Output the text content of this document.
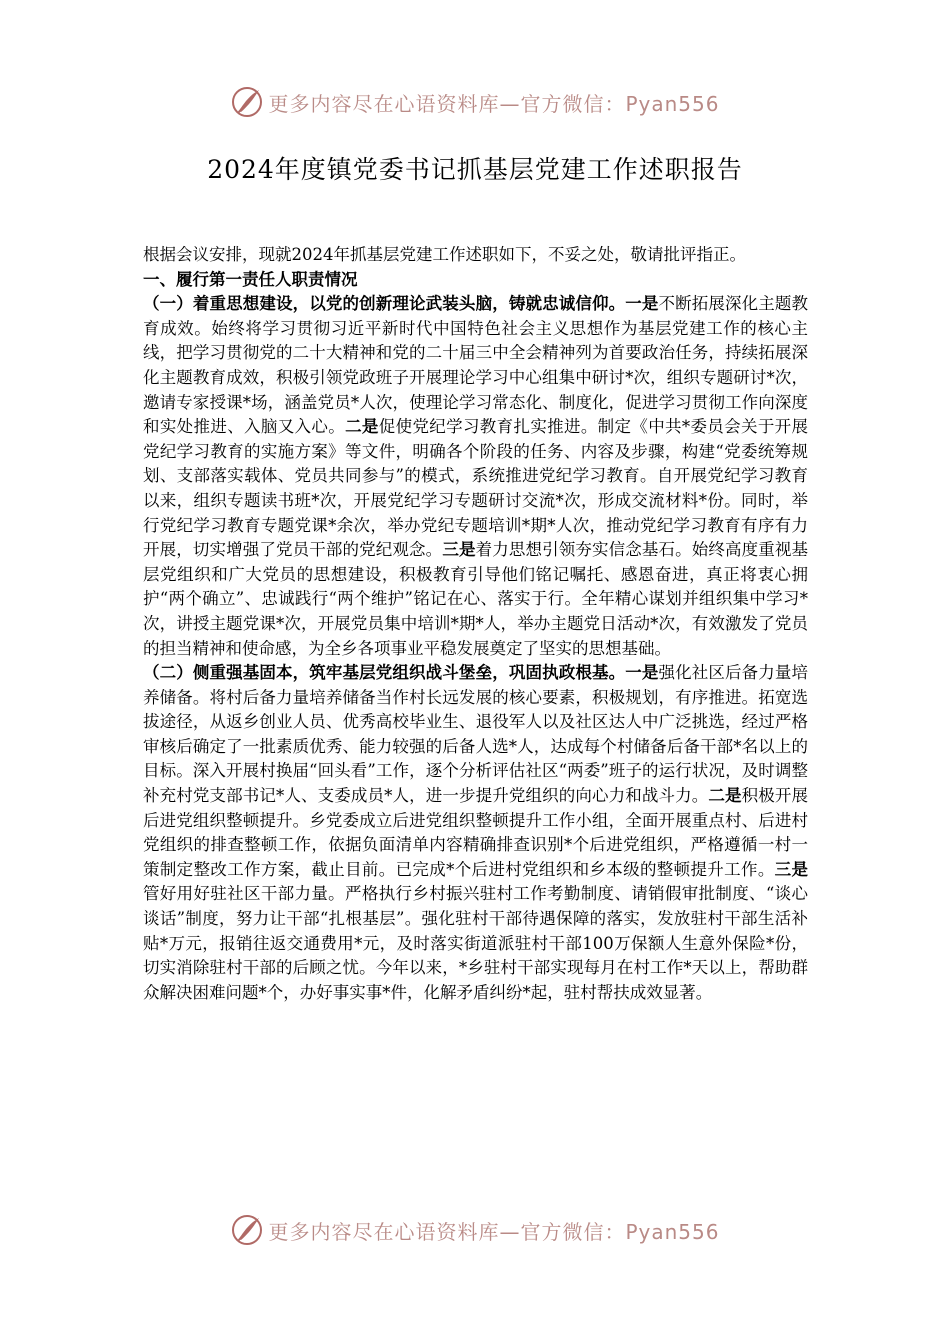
更多内容尽在心语资料库—官方微信：Pyan556
2024年度镇党委书记抓基层党建工作述职报告

根据会议安排，现就2024年抓基层党建工作述职如下，不妥之处，敬请批评指正。

一、履行第一责任人职责情况

（一）着重思想建设，以党的创新理论武装头脑，铸就忠诚信仰。一是不断拓展深化主题教育成效。始终将学习贯彻习近平新时代中国特色社会主义思想作为基层党建工作的核心主线，把学习贯彻党的二十大精神和党的二十届三中全会精神列为首要政治任务，持续拓展深化主题教育成效，积极引领党政班子开展理论学习中心组集中研讨*次，组织专题研讨*次，邀请专家授课*场，涵盖党员*人次，使理论学习常态化、制度化，促进学习贯彻工作向深度和实处推进、入脑又入心。二是促使党纪学习教育扎实推进。制定《中共*委员会关于开展党纪学习教育的实施方案》等文件，明确各个阶段的任务、内容及步骤，构建“党委统筹规划、支部落实载体、党员共同参与”的模式，系统推进党纪学习教育。自开展党纪学习教育以来，组织专题读书班*次，开展党纪学习专题研讨交流*次，形成交流材料*份。同时，举行党纪学习教育专题党课*余次，举办党纪专题培训*期*人次，推动党纪学习教育有序有力开展，切实增强了党员干部的党纪观念。三是着力思想引领夯实信念基石。始终高度重视基层党组织和广大党员的思想建设，积极教育引导他们铭记嘱托、感恩奋进，真正将衷心拥护“两个确立”、忠诚践行“两个维护”铭记在心、落实于行。全年精心谋划并组织集中学习*次，讲授主题党课*次，开展党员集中培训*期*人，举办主题党日活动*次，有效激发了党员的担当精神和使命感，为全乡各项事业平稳发展奠定了坚实的思想基础。

（二）侧重强基固本，筑牢基层党组织战斗堡垒，巩固执政根基。一是强化社区后备力量培养储备。将村后备力量培养储备当作村长远发展的核心要素，积极规划，有序推进。拓宽选拔途径，从返乡创业人员、优秀高校毕业生、退役军人以及社区达人中广泛挑选，经过严格审核后确定了一批素质优秀、能力较强的后备人选*人，达成每个村储备后备干部*名以上的目标。深入开展村换届“回头看”工作，逐个分析评估社区“两委”班子的运行状况，及时调整补充村党支部书记*人、支委成员*人，进一步提升党组织的向心力和战斗力。二是积极开展后进党组织整顿提升。乡党委成立后进党组织整顿提升工作小组，全面开展重点村、后进村党组织的排查整顿工作，依据负面清单内容精确排查识别*个后进党组织，严格遵循一村一策制定整改工作方案，截止目前。已完成*个后进村党组织和乡本级的整顿提升工作。三是管好用好驻社区干部力量。严格执行乡村振兴驻村工作考勤制度、请销假审批制度、“谈心谈话”制度，努力让干部“扎根基层”。强化驻村干部待遇保障的落实，发放驻村干部生活补贴*万元，报销往返交通费用*元，及时落实街道派驻村干部100万保额人生意外保险*份，切实消除驻村干部的后顾之忧。今年以来，*乡驻村干部实现每月在村工作*天以上，帮助群众解决困难问题*个，办好事实事*件，化解矛盾纠纷*起，驻村帮扶成效显著。

更多内容尽在心语资料库—官方微信：Pyan556
